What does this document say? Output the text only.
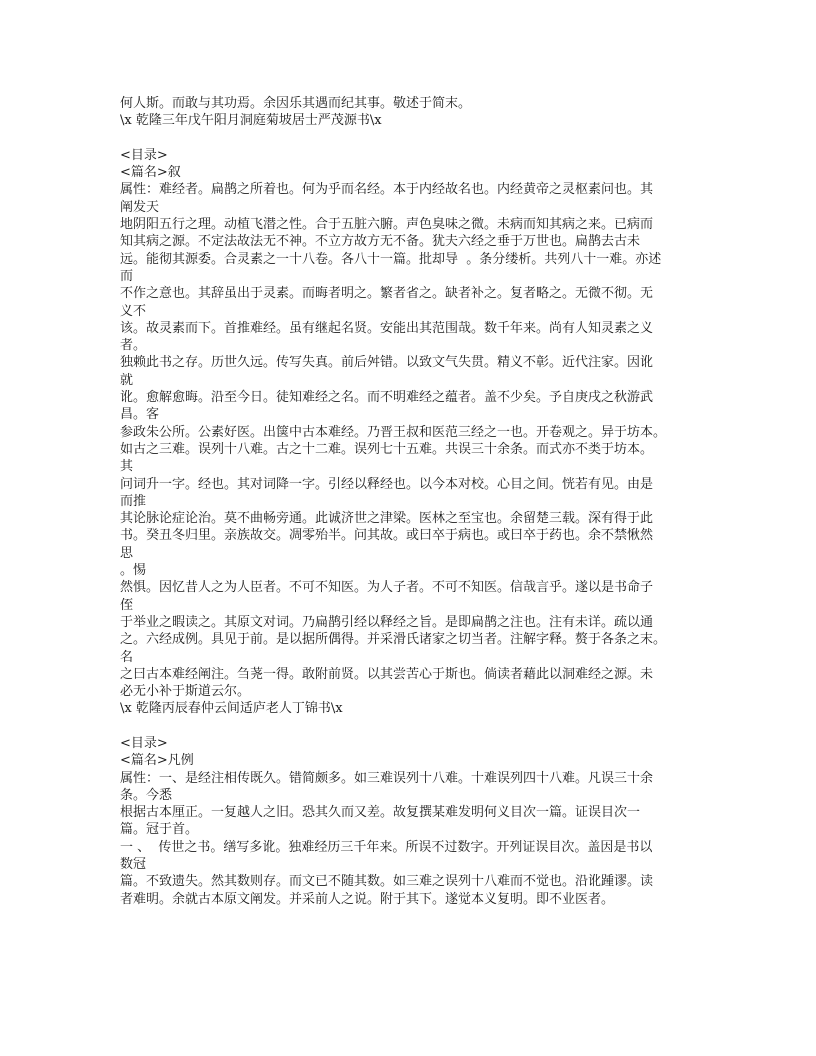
何人斯。而敢与其功焉。余因乐其遇而纪其事。敬述于简末。
\x 乾隆三年戊午阳月洞庭菊坡居士严茂源书\x
<目录>
<篇名>叙
属性：难经者。扁鹊之所着也。何为乎而名经。本于内经故名也。内经黄帝之灵枢素问也。其
阐发天
地阴阳五行之理。动植飞潜之性。合于五脏六腑。声色臭味之微。未病而知其病之来。已病而
知其病之源。不定法故法无不神。不立方故方无不备。犹夫六经之垂于万世也。扁鹊去古未
远。能彻其源委。合灵素之一十八卷。各八十一篇。批却导  。条分缕析。共列八十一难。亦述
而
不作之意也。其辞虽出于灵素。而晦者明之。繁者省之。缺者补之。复者略之。无微不彻。无
义不
该。故灵素而下。首推难经。虽有继起名贤。安能出其范围哉。数千年来。尚有人知灵素之义
者。
独赖此书之存。历世久远。传写失真。前后舛错。以致文气失贯。精义不彰。近代注家。因讹
就
讹。愈解愈晦。沿至今日。徒知难经之名。而不明难经之蕴者。盖不少矣。予自庚戌之秋游武
昌。客
参政朱公所。公素好医。出箧中古本难经。乃晋王叔和医范三经之一也。开卷观之。异于坊本。
如古之三难。误列十八难。古之十二难。误列七十五难。共误三十余条。而式亦不类于坊本。
其
问词升一字。经也。其对词降一字。引经以释经也。以今本对校。心目之间。恍若有见。由是
而推
其论脉论症论治。莫不曲畅旁通。此诚济世之津梁。医林之至宝也。余留楚三载。深有得于此
书。癸丑冬归里。亲族故交。凋零殆半。问其故。或曰卒于病也。或曰卒于药也。余不禁愀然
思
。惕
然惧。因忆昔人之为人臣者。不可不知医。为人子者。不可不知医。信哉言乎。遂以是书命子
侄
于举业之暇读之。其原文对词。乃扁鹊引经以释经之旨。是即扁鹊之注也。注有未详。疏以通
之。六经成例。具见于前。是以据所偶得。并采滑氏诸家之切当者。注解字释。赘于各条之末。
名
之曰古本难经阐注。刍荛一得。敢附前贤。以其尝苦心于斯也。倘读者藉此以洞难经之源。未
必无小补于斯道云尔。
\x 乾隆丙辰春仲云间适庐老人丁锦书\x
<目录>
<篇名>凡例
属性：一、是经注相传既久。错简颇多。如三难误列十八难。十难误列四十八难。凡误三十余
条。今悉
根据古本厘正。一复越人之旧。恐其久而又差。故复撰某难发明何义目次一篇。证误目次一
篇。冠于首。
一 、  传世之书。缮写多讹。独难经历三千年来。所误不过数字。开列证误目次。盖因是书以
数冠
篇。不致遗失。然其数则存。而文已不随其数。如三难之误列十八难而不觉也。沿讹踵谬。读
者难明。余就古本原文阐发。并采前人之说。附于其下。遂觉本义复明。即不业医者。
